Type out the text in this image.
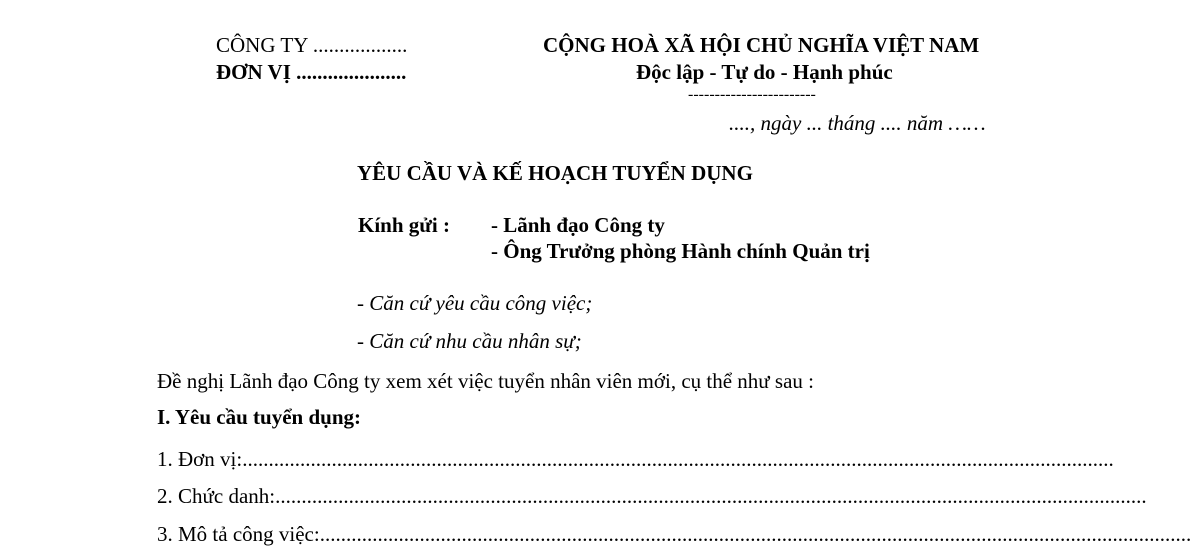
CÔNG TY ..................
ĐƠN VỊ .....................
CỘNG HOÀ XÃ HỘI CHỦ NGHĨA VIỆT NAM
Độc lập - Tự do - Hạnh phúc
------------------------
...., ngày ... tháng .... năm ……
YÊU CẦU VÀ KẾ HOẠCH TUYỂN DỤNG
Kính gửi : - Lãnh đạo Công ty
- Ông Trưởng phòng Hành chính Quản trị
- Căn cứ yêu cầu công việc;
- Căn cứ nhu cầu nhân sự;
Đề nghị Lãnh đạo Công ty xem xét việc tuyển nhân viên mới, cụ thể như sau :
I. Yêu cầu tuyển dụng:
1. Đơn vị: ......................................................................................................................................................................
2. Chức danh: ......................................................................................................................................................................
3. Mô tả công việc: ......................................................................................................................................................................
